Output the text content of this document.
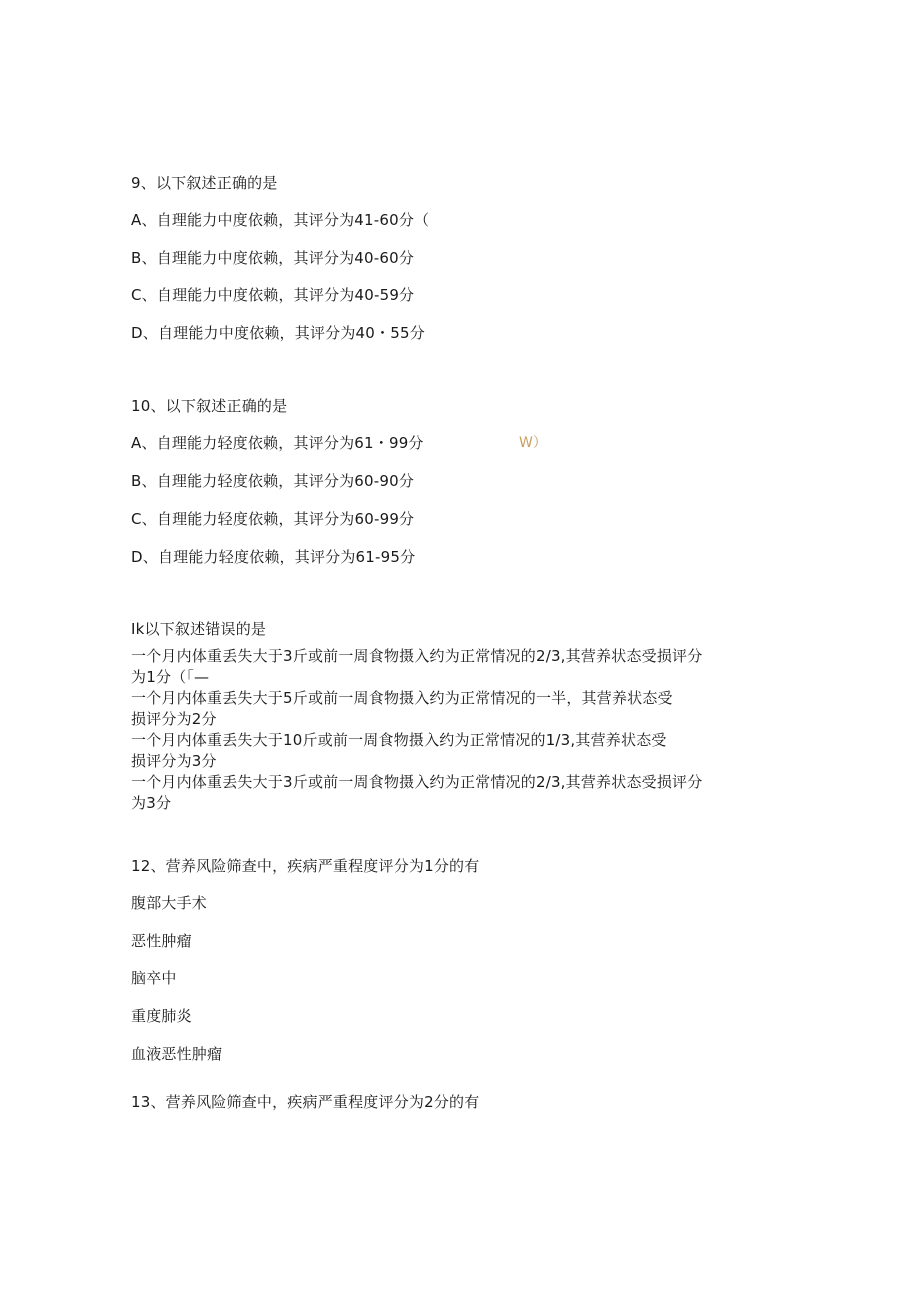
9、以下叙述正确的是
A、自理能力中度依赖，其评分为41-60分（
B、自理能力中度依赖，其评分为40-60分
C、自理能力中度依赖，其评分为40-59分
D、自理能力中度依赖，其评分为40・55分
10、以下叙述正确的是
A、自理能力轻度依赖，其评分为61・99分	W）
B、自理能力轻度依赖，其评分为60-90分
C、自理能力轻度依赖，其评分为60-99分
D、自理能力轻度依赖，其评分为61-95分
Ik以下叙述错误的是
一个月内体重丢失大于3斤或前一周食物摄入约为正常情况的2/3,其营养状态受损评分
为1分（「—
一个月内体重丢失大于5斤或前一周食物摄入约为正常情况的一半，其营养状态受
损评分为2分
一个月内体重丢失大于10斤或前一周食物摄入约为正常情况的1/3,其营养状态受
损评分为3分
一个月内体重丢失大于3斤或前一周食物摄入约为正常情况的2/3,其营养状态受损评分
为3分
12、营养风险筛查中，疾病严重程度评分为1分的有
腹部大手术
恶性肿瘤
脑卒中
重度肺炎
血液恶性肿瘤
13、营养风险筛查中，疾病严重程度评分为2分的有
